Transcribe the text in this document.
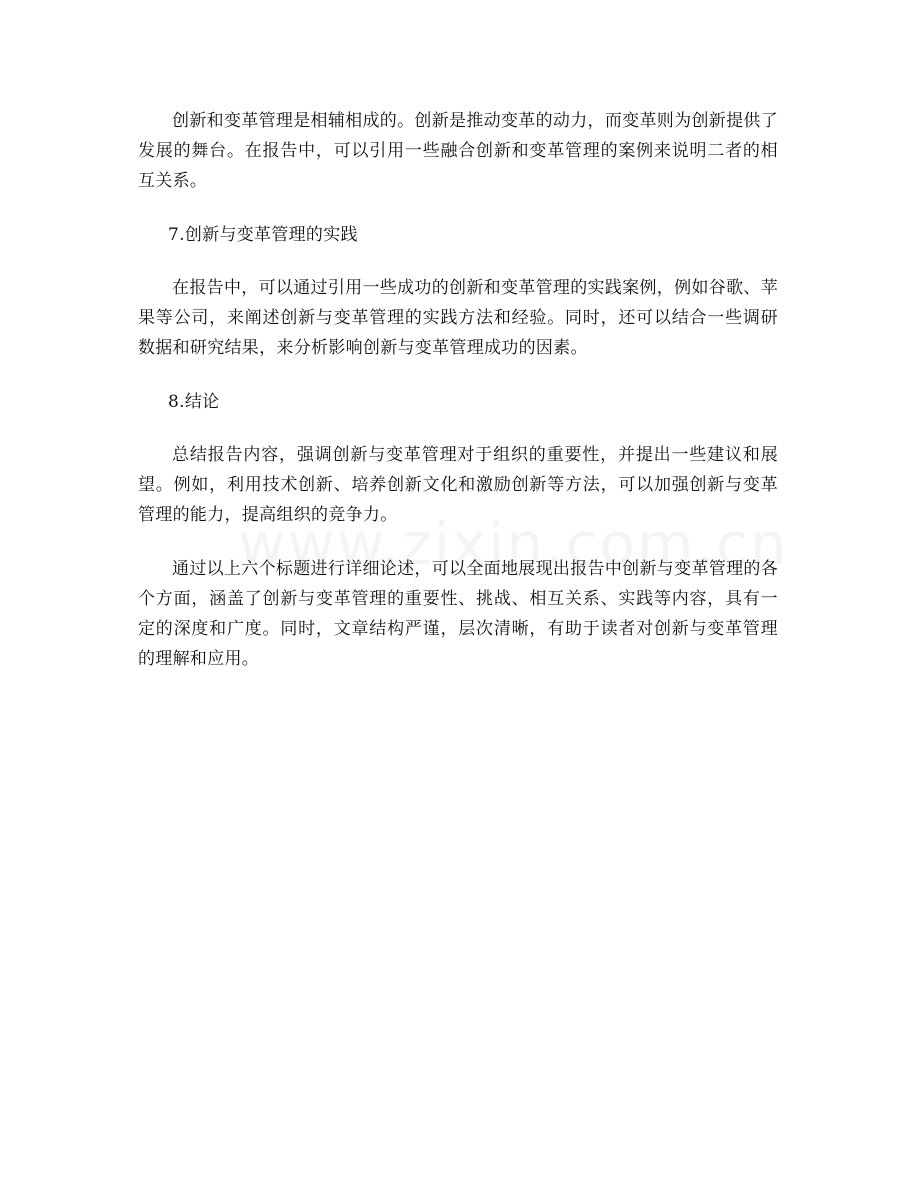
创新和变革管理是相辅相成的。创新是推动变革的动力，而变革则为创新提供了发展的舞台。在报告中，可以引用一些融合创新和变革管理的案例来说明二者的相互关系。

7.创新与变革管理的实践

在报告中，可以通过引用一些成功的创新和变革管理的实践案例，例如谷歌、苹果等公司，来阐述创新与变革管理的实践方法和经验。同时，还可以结合一些调研数据和研究结果，来分析影响创新与变革管理成功的因素。

8.结论

总结报告内容，强调创新与变革管理对于组织的重要性，并提出一些建议和展望。例如，利用技术创新、培养创新文化和激励创新等方法，可以加强创新与变革管理的能力，提高组织的竞争力。

通过以上六个标题进行详细论述，可以全面地展现出报告中创新与变革管理的各个方面，涵盖了创新与变革管理的重要性、挑战、相互关系、实践等内容，具有一定的深度和广度。同时，文章结构严谨，层次清晰，有助于读者对创新与变革管理的理解和应用。
